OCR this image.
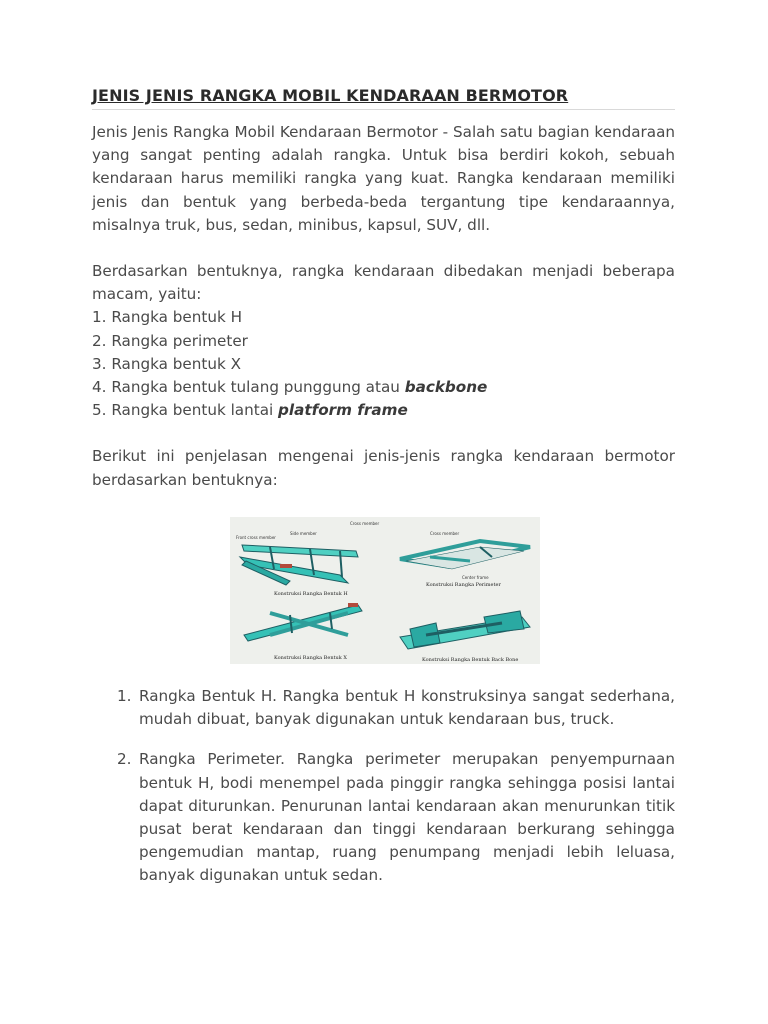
JENIS JENIS RANGKA MOBIL KENDARAAN BERMOTOR

Jenis Jenis Rangka Mobil Kendaraan Bermotor - Salah satu bagian kendaraan yang sangat penting adalah rangka. Untuk bisa berdiri kokoh, sebuah kendaraan harus memiliki rangka yang kuat. Rangka kendaraan memiliki jenis dan bentuk yang berbeda-beda tergantung tipe kendaraannya, misalnya truk, bus, sedan, minibus, kapsul, SUV, dll.

Berdasarkan bentuknya, rangka kendaraan dibedakan menjadi beberapa macam, yaitu:

1. Rangka bentuk H

2. Rangka perimeter

3. Rangka bentuk X

4. Rangka bentuk tulang punggung atau backbone

5. Rangka bentuk lantai platform frame

Berikut ini penjelasan mengenai jenis-jenis rangka kendaraan bermotor berdasarkan bentuknya:

Front cross member
Side member
Cross member
Konstruksi Rangka Bentuk H
Cross member
Center frame
Konstruksi Rangka Perimeter
Konstruksi Rangka Bentuk X	Konstruksi Rangka Bentuk Back Bone
1. Rangka Bentuk H. Rangka bentuk H konstruksinya sangat sederhana, mudah dibuat, banyak digunakan untuk kendaraan bus, truck.
2. Rangka Perimeter. Rangka perimeter merupakan penyempurnaan bentuk H, bodi menempel pada pinggir rangka sehingga posisi lantai dapat diturunkan. Penurunan lantai kendaraan akan menurunkan titik pusat berat kendaraan dan tinggi kendaraan berkurang sehingga pengemudian mantap, ruang penumpang menjadi lebih leluasa, banyak digunakan untuk sedan.
